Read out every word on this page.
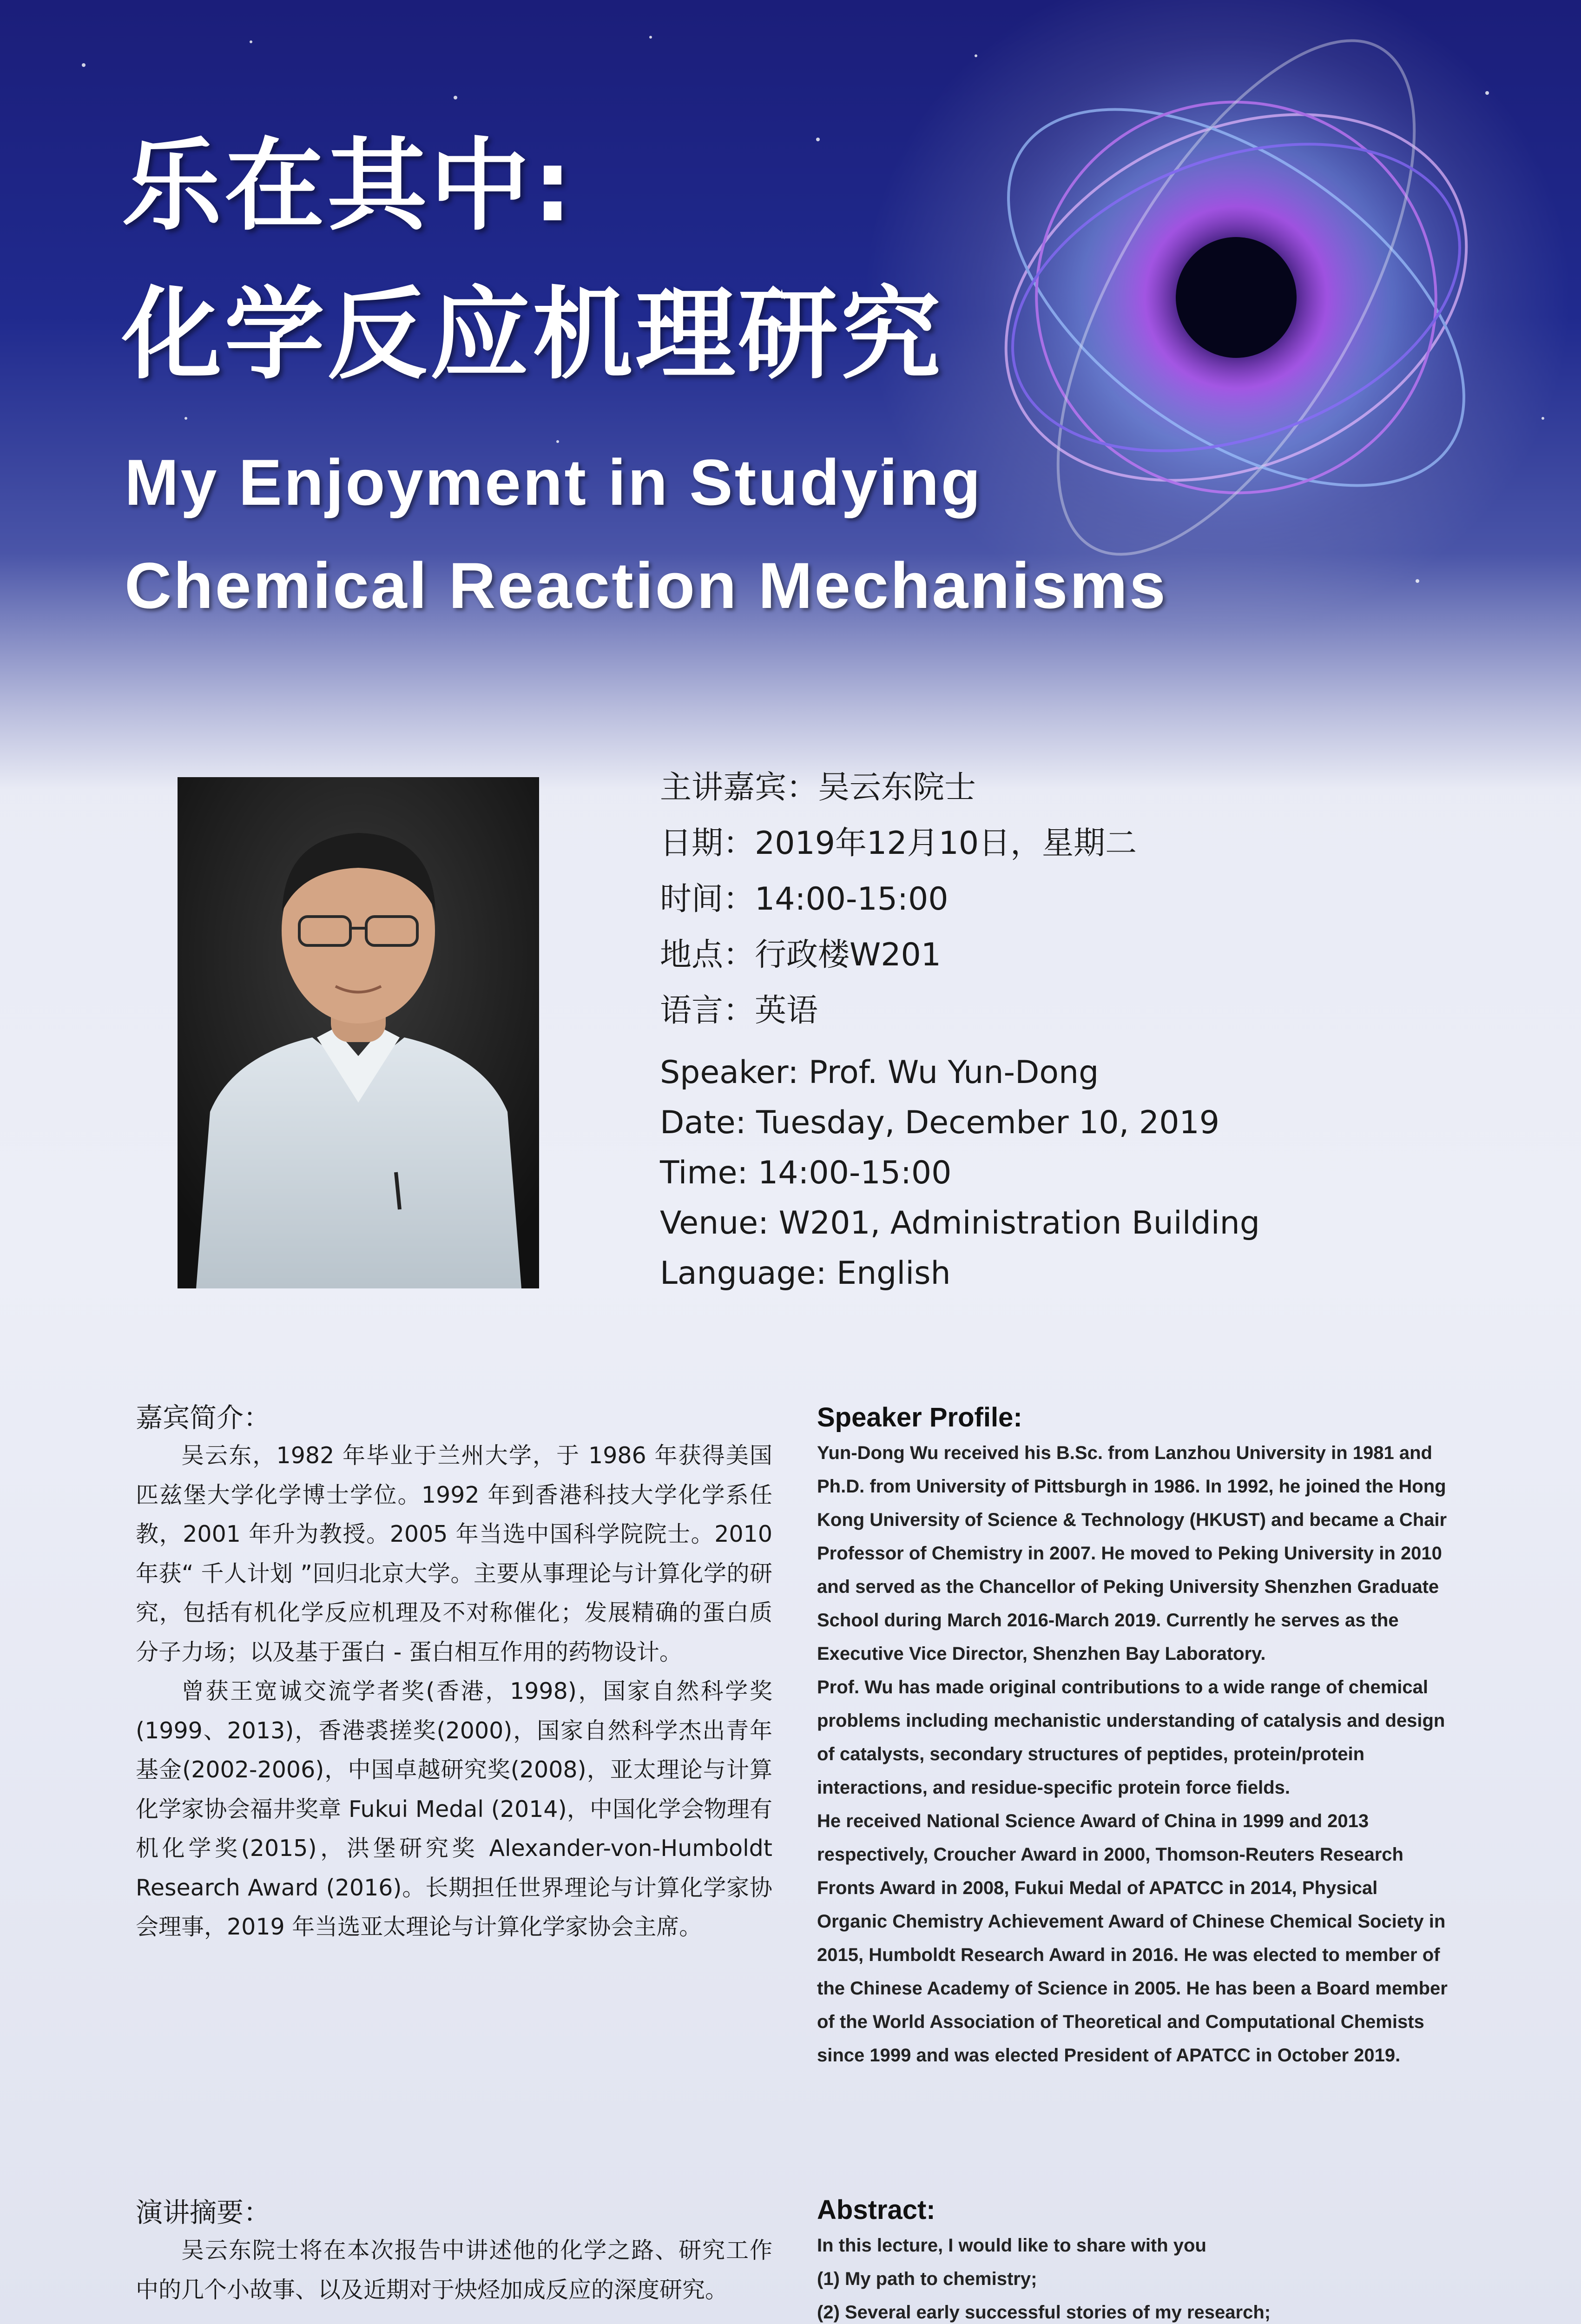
乐在其中:
化学反应机理研究
My Enjoyment in Studying
Chemical Reaction Mechanisms
主讲嘉宾：吴云东院士
日期：2019年12月10日，星期二
时间：14:00-15:00
地点：行政楼W201
语言：英语
Speaker: Prof. Wu Yun-Dong
Date: Tuesday, December 10, 2019
Time: 14:00-15:00
Venue: W201, Administration Building
Language: English
嘉宾简介：

吴云东，1982 年毕业于兰州大学，于 1986 年获得美国匹兹堡大学化学博士学位。1992 年到香港科技大学化学系任教，2001 年升为教授。2005 年当选中国科学院院士。2010 年获“ 千人计划 ”回归北京大学。主要从事理论与计算化学的研究，包括有机化学反应机理及不对称催化；发展精确的蛋白质分子力场；以及基于蛋白 - 蛋白相互作用的药物设计。

曾获王宽诚交流学者奖(香港，1998)，国家自然科学奖(1999、2013)，香港裘搓奖(2000)，国家自然科学杰出青年基金(2002-2006)，中国卓越研究奖(2008)，亚太理论与计算化学家协会福井奖章 Fukui Medal (2014)，中国化学会物理有机化学奖(2015)，洪堡研究奖 Alexander-von-Humboldt Research Award (2016)。长期担任世界理论与计算化学家协会理事，2019 年当选亚太理论与计算化学家协会主席。

演讲摘要：

吴云东院士将在本次报告中讲述他的化学之路、研究工作中的几个小故事、以及近期对于炔烃加成反应的深度研究。

Speaker Profile:

Yun-Dong Wu received his B.Sc. from Lanzhou University in 1981 and Ph.D. from University of Pittsburgh in 1986. In 1992, he joined the Hong Kong University of Science & Technology (HKUST) and became a Chair Professor of Chemistry in 2007. He moved to Peking University in 2010 and served as the Chancellor of Peking University Shenzhen Graduate School during March 2016-March 2019. Currently he serves as the Executive Vice Director, Shenzhen Bay Laboratory.

Prof. Wu has made original contributions to a wide range of chemical problems including mechanistic understanding of catalysis and design of catalysts, secondary structures of peptides, protein/protein interactions, and residue-specific protein force fields.

He received National Science Award of China in 1999 and 2013 respectively, Croucher Award in 2000, Thomson-Reuters Research Fronts Award in 2008, Fukui Medal of APATCC in 2014, Physical Organic Chemistry Achievement Award of Chinese Chemical Society in 2015, Humboldt Research Award in 2016. He was elected to member of the Chinese Academy of Science in 2005. He has been a Board member of the World Association of Theoretical and Computational Chemists since 1999 and was elected President of APATCC in October 2019.

Abstract:

In this lecture, I would like to share with you

(1) My path to chemistry;

(2) Several early successful stories of my research;
